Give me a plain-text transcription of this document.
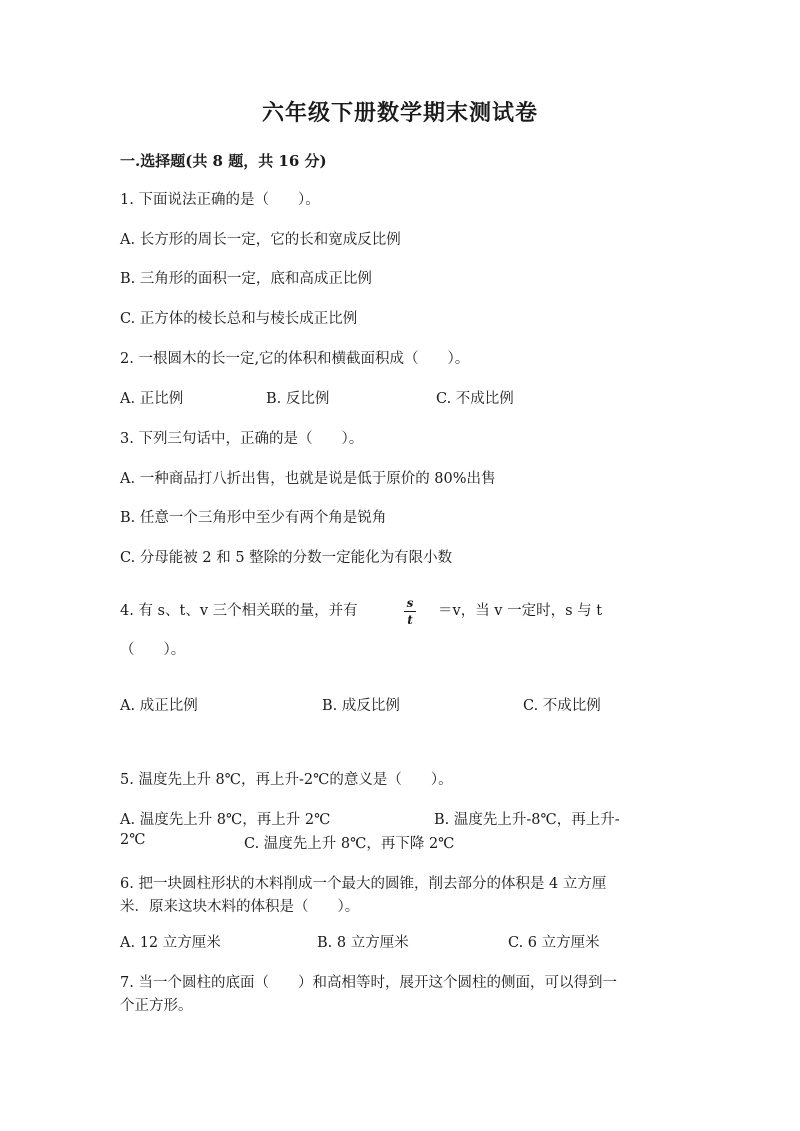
六年级下册数学期末测试卷
一.选择题(共 8 题，共 16 分)
1. 下面说法正确的是（　　）。
A. 长方形的周长一定，它的长和宽成反比例
B. 三角形的面积一定，底和高成正比例
C. 正方体的棱长总和与棱长成正比例
2. 一根圆木的长一定,它的体积和横截面积成（　　）。
A. 正比例	B. 反比例	C. 不成比例
3. 下列三句话中，正确的是（　　）。
A. 一种商品打八折出售，也就是说是低于原价的 80%出售
B. 任意一个三角形中至少有两个角是锐角
C. 分母能被 2 和 5 整除的分数一定能化为有限小数
4. 有 s、t、v 三个相关联的量，并有	s
t
＝v，当 v 一定时，s 与 t
（　　）。
A. 成正比例	B. 成反比例	C. 不成比例
5. 温度先上升 8℃，再上升-2℃的意义是（　　）。
A. 温度先上升 8℃，再上升 2℃	B. 温度先上升-8℃，再上升-
2℃	C. 温度先上升 8℃，再下降 2℃
6. 把一块圆柱形状的木料削成一个最大的圆锥，削去部分的体积是 4 立方厘
米．原来这块木料的体积是（　　）。
A. 12 立方厘米	B. 8 立方厘米	C. 6 立方厘米
7. 当一个圆柱的底面（　　）和高相等时，展开这个圆柱的侧面，可以得到一
个正方形。
